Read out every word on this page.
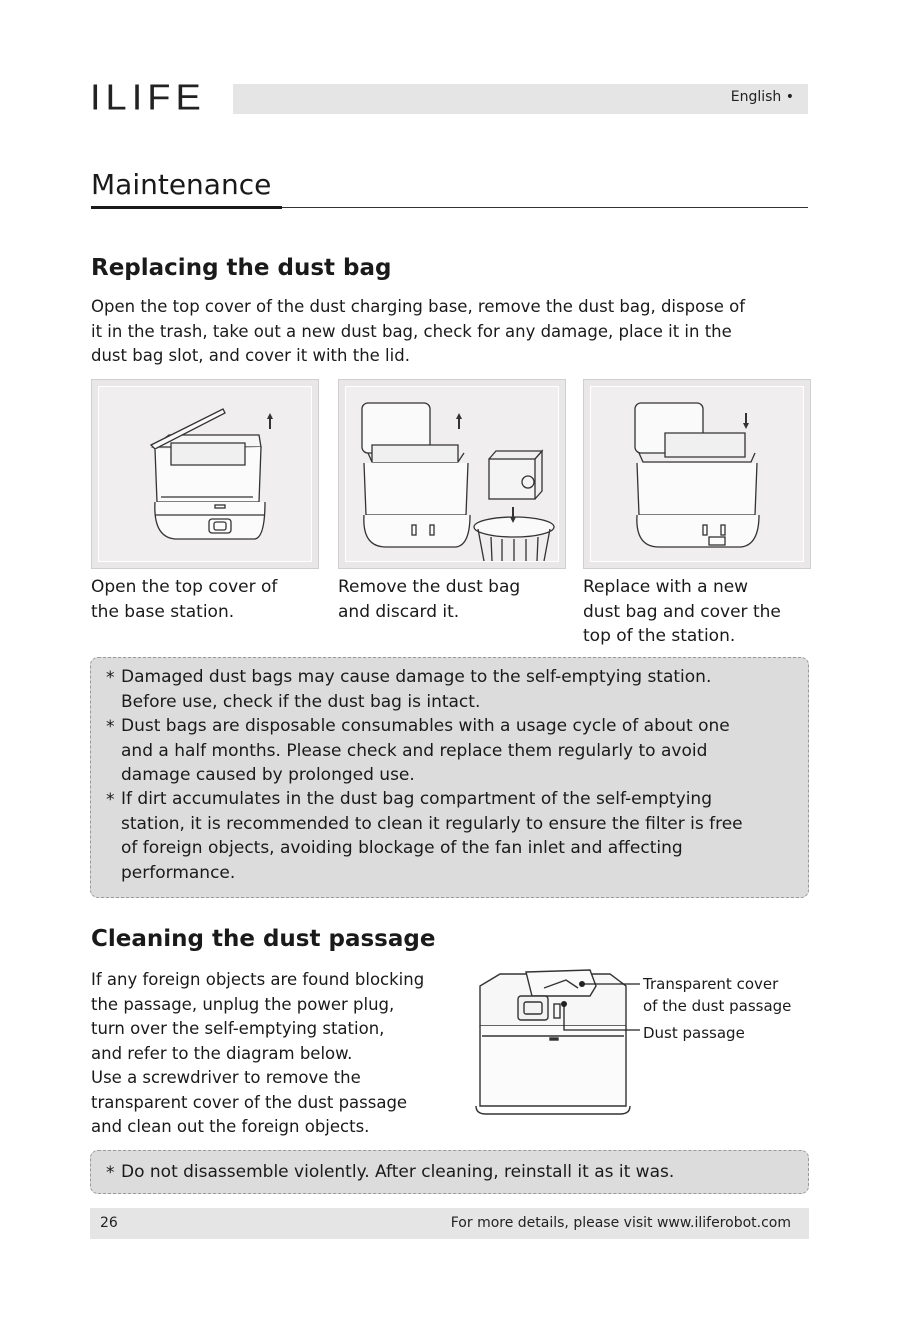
ILIFE	English •
Maintenance
Replacing the dust bag
Open the top cover of the dust charging base, remove the dust bag, dispose of
it in the trash, take out a new dust bag, check for any damage, place it in the
dust bag slot, and cover it with the lid.
Open the top cover of
the base station.
Remove the dust bag
and discard it.
Replace with a new
dust bag and cover the
top of the station.
* Damaged dust bags may cause damage to the self-emptying station.
Before use, check if the dust bag is intact.
* Dust bags are disposable consumables with a usage cycle of about one
and a half months. Please check and replace them regularly to avoid
damage caused by prolonged use.
* If dirt accumulates in the dust bag compartment of the self-emptying
station, it is recommended to clean it regularly to ensure the filter is free
of foreign objects, avoiding blockage of the fan inlet and affecting
performance.
Cleaning the dust passage
If any foreign objects are found blocking
the passage, unplug the power plug,
turn over the self-emptying station,
and refer to the diagram below.
Use a screwdriver to remove the
transparent cover of the dust passage
and clean out the foreign objects.
Transparent cover
of the dust passage
Dust passage
* Do not disassemble violently. After cleaning, reinstall it as it was.
26	For more details, please visit www.iliferobot.com
